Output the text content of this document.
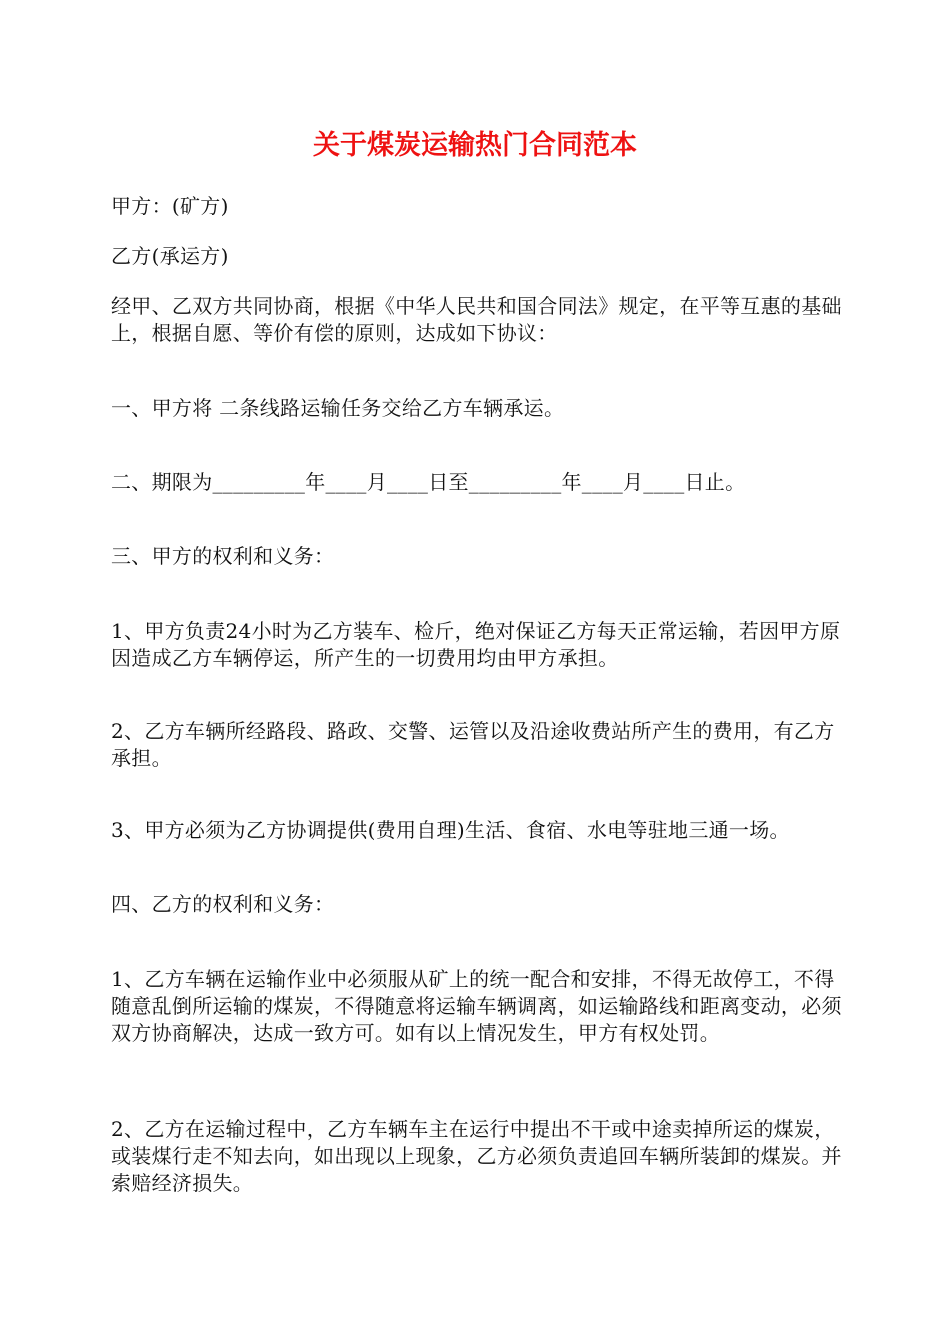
关于煤炭运输热门合同范本

甲方：(矿方)

乙方(承运方)

经甲、乙双方共同协商，根据《中华人民共和国合同法》规定，在平等互惠的基础上，根据自愿、等价有偿的原则，达成如下协议：

一、甲方将 二条线路运输任务交给乙方车辆承运。

二、期限为_________年____月____日至_________年____月____日止。

三、甲方的权利和义务：

1、甲方负责24小时为乙方装车、检斤，绝对保证乙方每天正常运输，若因甲方原因造成乙方车辆停运，所产生的一切费用均由甲方承担。

2、乙方车辆所经路段、路政、交警、运管以及沿途收费站所产生的费用，有乙方承担。

3、甲方必须为乙方协调提供(费用自理)生活、食宿、水电等驻地三通一场。

四、乙方的权利和义务：

1、乙方车辆在运输作业中必须服从矿上的统一配合和安排，不得无故停工，不得随意乱倒所运输的煤炭，不得随意将运输车辆调离，如运输路线和距离变动，必须双方协商解决，达成一致方可。如有以上情况发生，甲方有权处罚。

2、乙方在运输过程中，乙方车辆车主在运行中提出不干或中途卖掉所运的煤炭，或装煤行走不知去向，如出现以上现象，乙方必须负责追回车辆所装卸的煤炭。并索赔经济损失。
